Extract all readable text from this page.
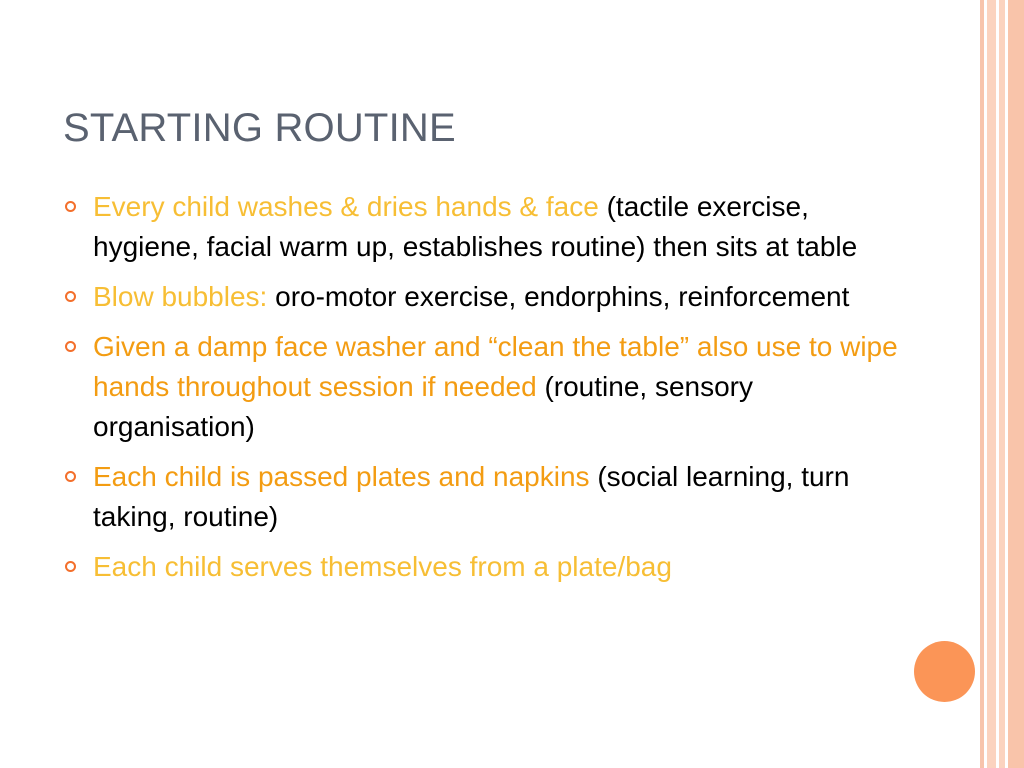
STARTING ROUTINE
Every child washes & dries hands & face (tactile exercise, hygiene, facial warm up, establishes routine) then sits at table
Blow bubbles: oro-motor exercise, endorphins, reinforcement
Given a damp face washer and “clean the table” also use to wipe hands throughout session if needed (routine, sensory organisation)
Each child is passed plates and napkins (social learning, turn taking, routine)
Each child serves themselves from a plate/bag
